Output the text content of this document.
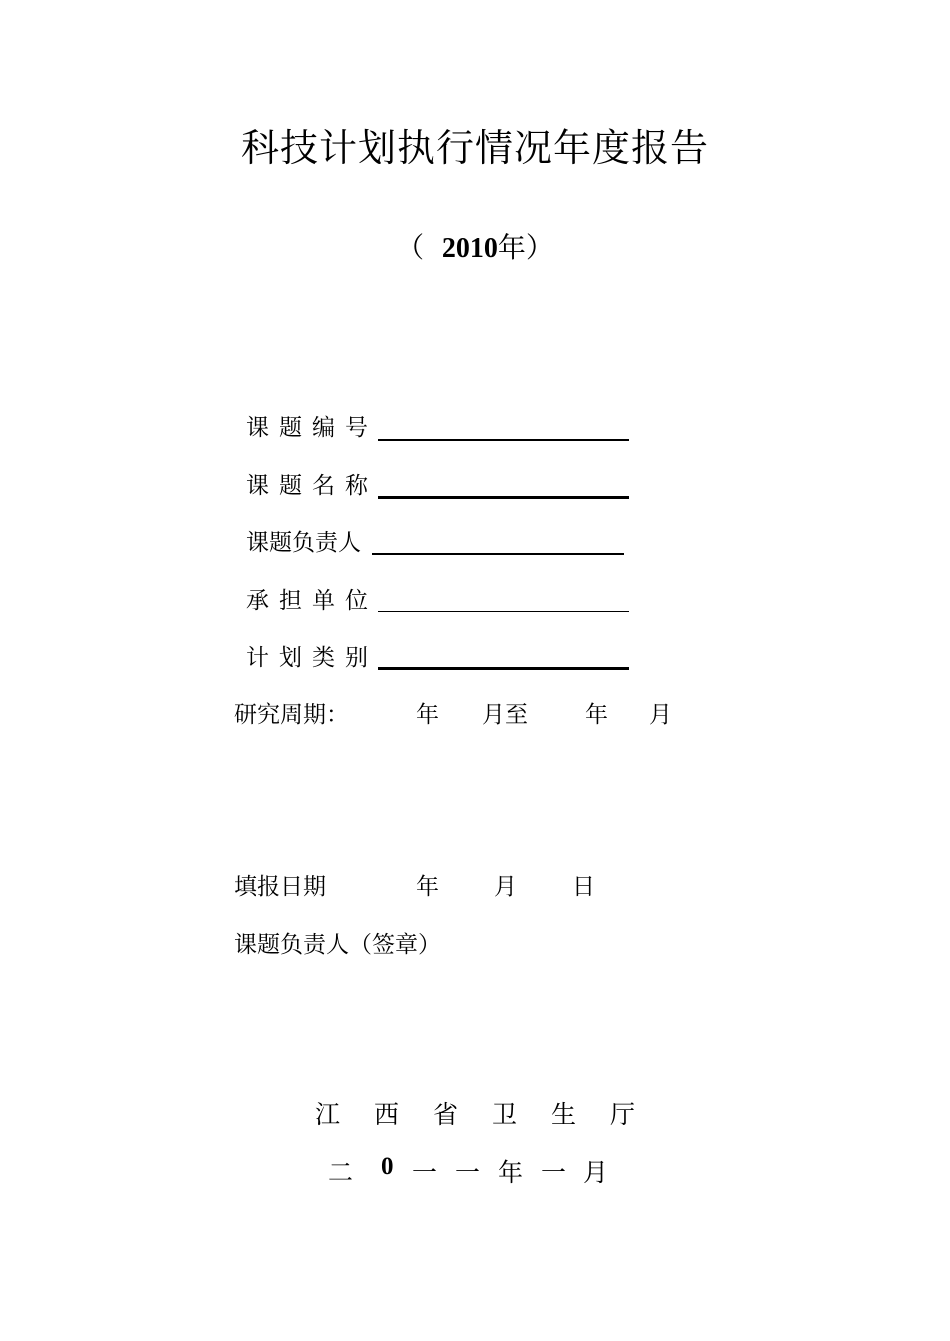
科技计划执行情况年度报告
（ 2010年）
课题编号
课题名称
课题负责人
承担单位
计划类别
研究周期：	年 月至 年 月
填报日期	年 月 日
课题负责人（签章）
江西省卫生厅
二 0 一 一 年 一 月
